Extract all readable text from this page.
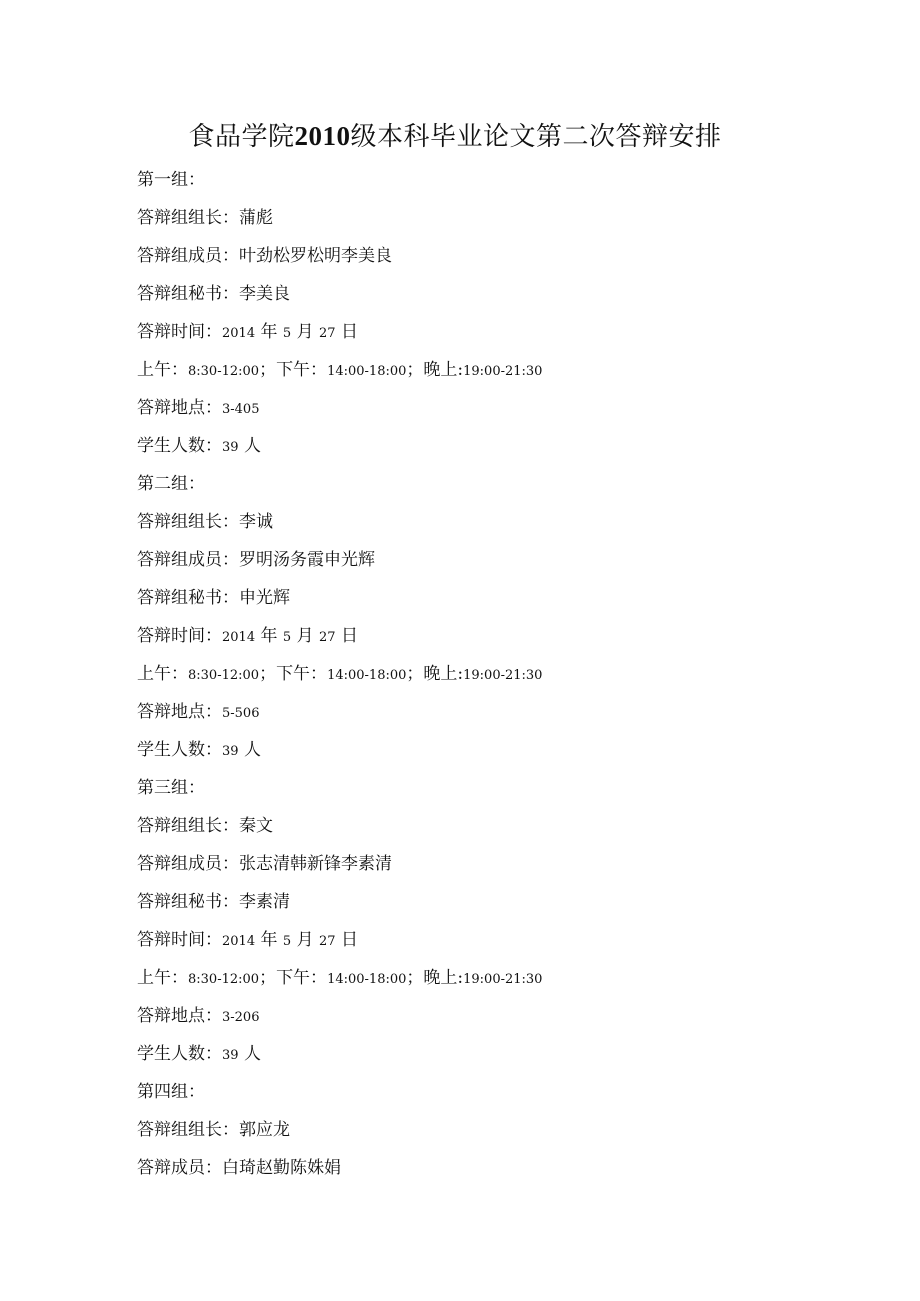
食品学院2010级本科毕业论文第二次答辩安排
第一组：
答辩组组长：蒲彪
答辩组成员：叶劲松罗松明李美良
答辩组秘书：李美良
答辩时间：2014 年 5 月 27 日
上午：8:30-12:00；下午：14:00-18:00；晚上:19:00-21:30
答辩地点：3-405
学生人数：39 人
第二组：
答辩组组长：李诚
答辩组成员：罗明汤务霞申光辉
答辩组秘书：申光辉
答辩时间：2014 年 5 月 27 日
上午：8:30-12:00；下午：14:00-18:00；晚上:19:00-21:30
答辩地点：5-506
学生人数：39 人
第三组：
答辩组组长：秦文
答辩组成员：张志清韩新锋李素清
答辩组秘书：李素清
答辩时间：2014 年 5 月 27 日
上午：8:30-12:00；下午：14:00-18:00；晚上:19:00-21:30
答辩地点：3-206
学生人数：39 人
第四组：
答辩组组长：郭应龙
答辩成员：白琦赵勤陈姝娟
